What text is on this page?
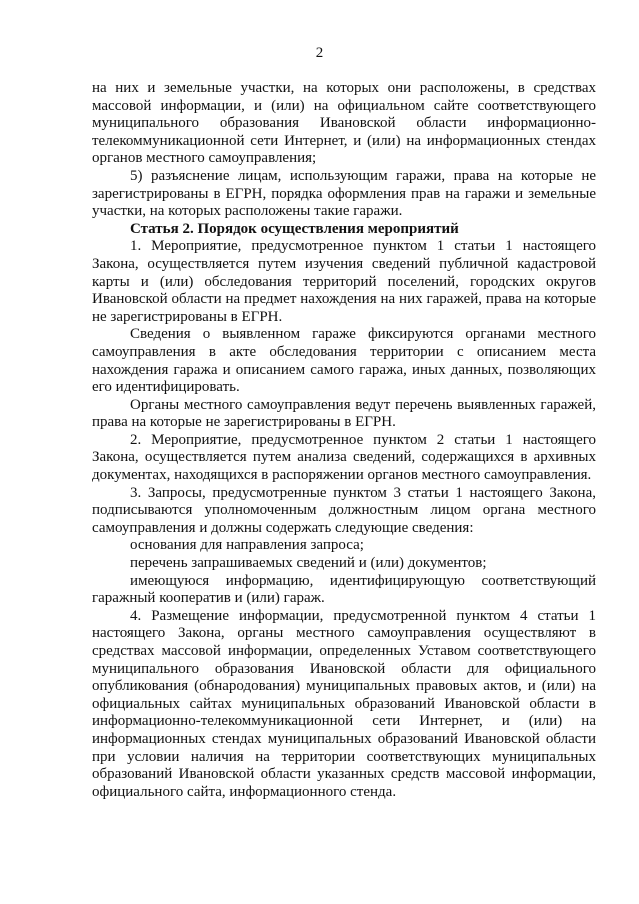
2

на них и земельные участки, на которых они расположены, в средствах массовой информации, и (или) на официальном сайте соответствующего муниципального образования Ивановской области информационно-телекоммуникационной сети Интернет, и (или) на информационных стендах органов местного самоуправления;

5) разъяснение лицам, использующим гаражи, права на которые не зарегистрированы в ЕГРН, порядка оформления прав на гаражи и земельные участки, на которых расположены такие гаражи.

Статья 2. Порядок осуществления мероприятий

1. Мероприятие, предусмотренное пунктом 1 статьи 1 настоящего Закона, осуществляется путем изучения сведений публичной кадастровой карты и (или) обследования территорий поселений, городских округов Ивановской области на предмет нахождения на них гаражей, права на которые не зарегистрированы в ЕГРН.

Сведения о выявленном гараже фиксируются органами местного самоуправления в акте обследования территории с описанием места нахождения гаража и описанием самого гаража, иных данных, позволяющих его идентифицировать.

Органы местного самоуправления ведут перечень выявленных гаражей, права на которые не зарегистрированы в ЕГРН.

2. Мероприятие, предусмотренное пунктом 2 статьи 1 настоящего Закона, осуществляется путем анализа сведений, содержащихся в архивных документах, находящихся в распоряжении органов местного самоуправления.

3. Запросы, предусмотренные пунктом 3 статьи 1 настоящего Закона, подписываются уполномоченным должностным лицом органа местного самоуправления и должны содержать следующие сведения:

основания для направления запроса;

перечень запрашиваемых сведений и (или) документов;

имеющуюся информацию, идентифицирующую соответствующий гаражный кооператив и (или) гараж.

4. Размещение информации, предусмотренной пунктом 4 статьи 1 настоящего Закона, органы местного самоуправления осуществляют в средствах массовой информации, определенных Уставом соответствующего муниципального образования Ивановской области для официального опубликования (обнародования) муниципальных правовых актов, и (или) на официальных сайтах муниципальных образований Ивановской области в информационно-телекоммуникационной сети Интернет, и (или) на информационных стендах муниципальных образований Ивановской области при условии наличия на территории соответствующих муниципальных образований Ивановской области указанных средств массовой информации, официального сайта, информационного стенда.
